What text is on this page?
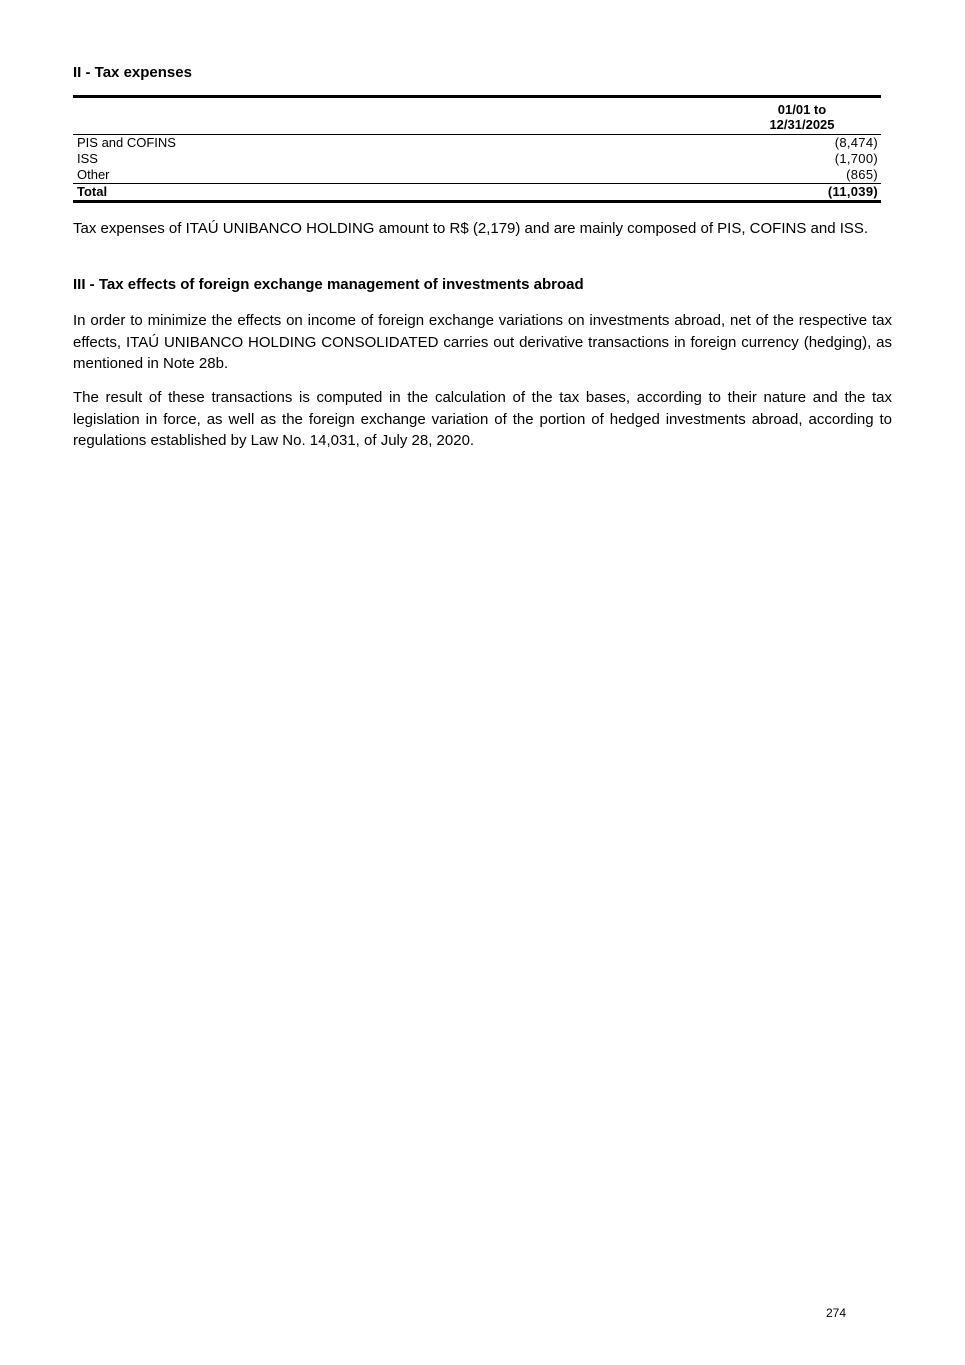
II - Tax expenses
	01/01 to
12/31/2025
PIS and COFINS	(8,474)
ISS	(1,700)
Other	(865)
Total	(11,039)

Tax expenses of ITAÚ UNIBANCO HOLDING amount to R$ (2,179) and are mainly composed of PIS, COFINS and ISS.

III - Tax effects of foreign exchange management of investments abroad

In order to minimize the effects on income of foreign exchange variations on investments abroad, net of the respective tax effects, ITAÚ UNIBANCO HOLDING CONSOLIDATED carries out derivative transactions in foreign currency (hedging), as mentioned in Note 28b.

The result of these transactions is computed in the calculation of the tax bases, according to their nature and the tax legislation in force, as well as the foreign exchange variation of the portion of hedged investments abroad, according to regulations established by Law No. 14,031, of July 28, 2020.

274
